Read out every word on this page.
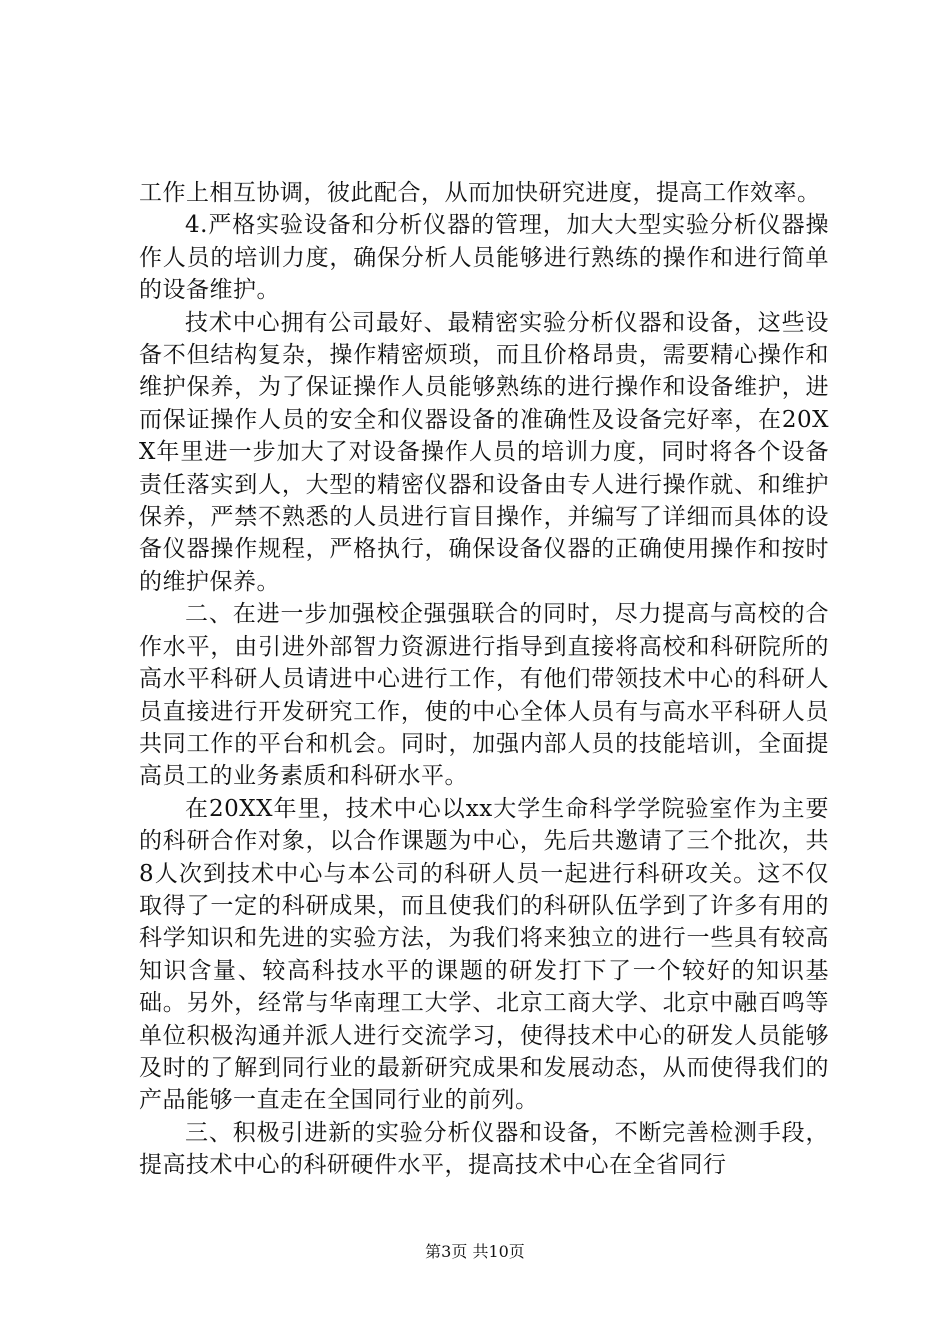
工作上相互协调，彼此配合，从而加快研究进度，提高工作效率。

4.严格实验设备和分析仪器的管理，加大大型实验分析仪器操作人员的培训力度，确保分析人员能够进行熟练的操作和进行简单的设备维护。

技术中心拥有公司最好、最精密实验分析仪器和设备，这些设备不但结构复杂，操作精密烦琐，而且价格昂贵，需要精心操作和维护保养，为了保证操作人员能够熟练的进行操作和设备维护，进而保证操作人员的安全和仪器设备的准确性及设备完好率，在20XX年里进一步加大了对设备操作人员的培训力度，同时将各个设备责任落实到人，大型的精密仪器和设备由专人进行操作就、和维护保养，严禁不熟悉的人员进行盲目操作，并编写了详细而具体的设备仪器操作规程，严格执行，确保设备仪器的正确使用操作和按时的维护保养。

二、在进一步加强校企强强联合的同时，尽力提高与高校的合作水平，由引进外部智力资源进行指导到直接将高校和科研院所的高水平科研人员请进中心进行工作，有他们带领技术中心的科研人员直接进行开发研究工作，使的中心全体人员有与高水平科研人员共同工作的平台和机会。同时，加强内部人员的技能培训，全面提高员工的业务素质和科研水平。

在20XX年里，技术中心以xx大学生命科学学院验室作为主要的科研合作对象，以合作课题为中心，先后共邀请了三个批次，共8人次到技术中心与本公司的科研人员一起进行科研攻关。这不仅取得了一定的科研成果，而且使我们的科研队伍学到了许多有用的科学知识和先进的实验方法，为我们将来独立的进行一些具有较高知识含量、较高科技水平的课题的研发打下了一个较好的知识基础。另外，经常与华南理工大学、北京工商大学、北京中融百鸣等单位积极沟通并派人进行交流学习，使得技术中心的研发人员能够及时的了解到同行业的最新研究成果和发展动态，从而使得我们的产品能够一直走在全国同行业的前列。

三、积极引进新的实验分析仪器和设备，不断完善检测手段，提高技术中心的科研硬件水平，提高技术中心在全省同行

第3页 共10页
